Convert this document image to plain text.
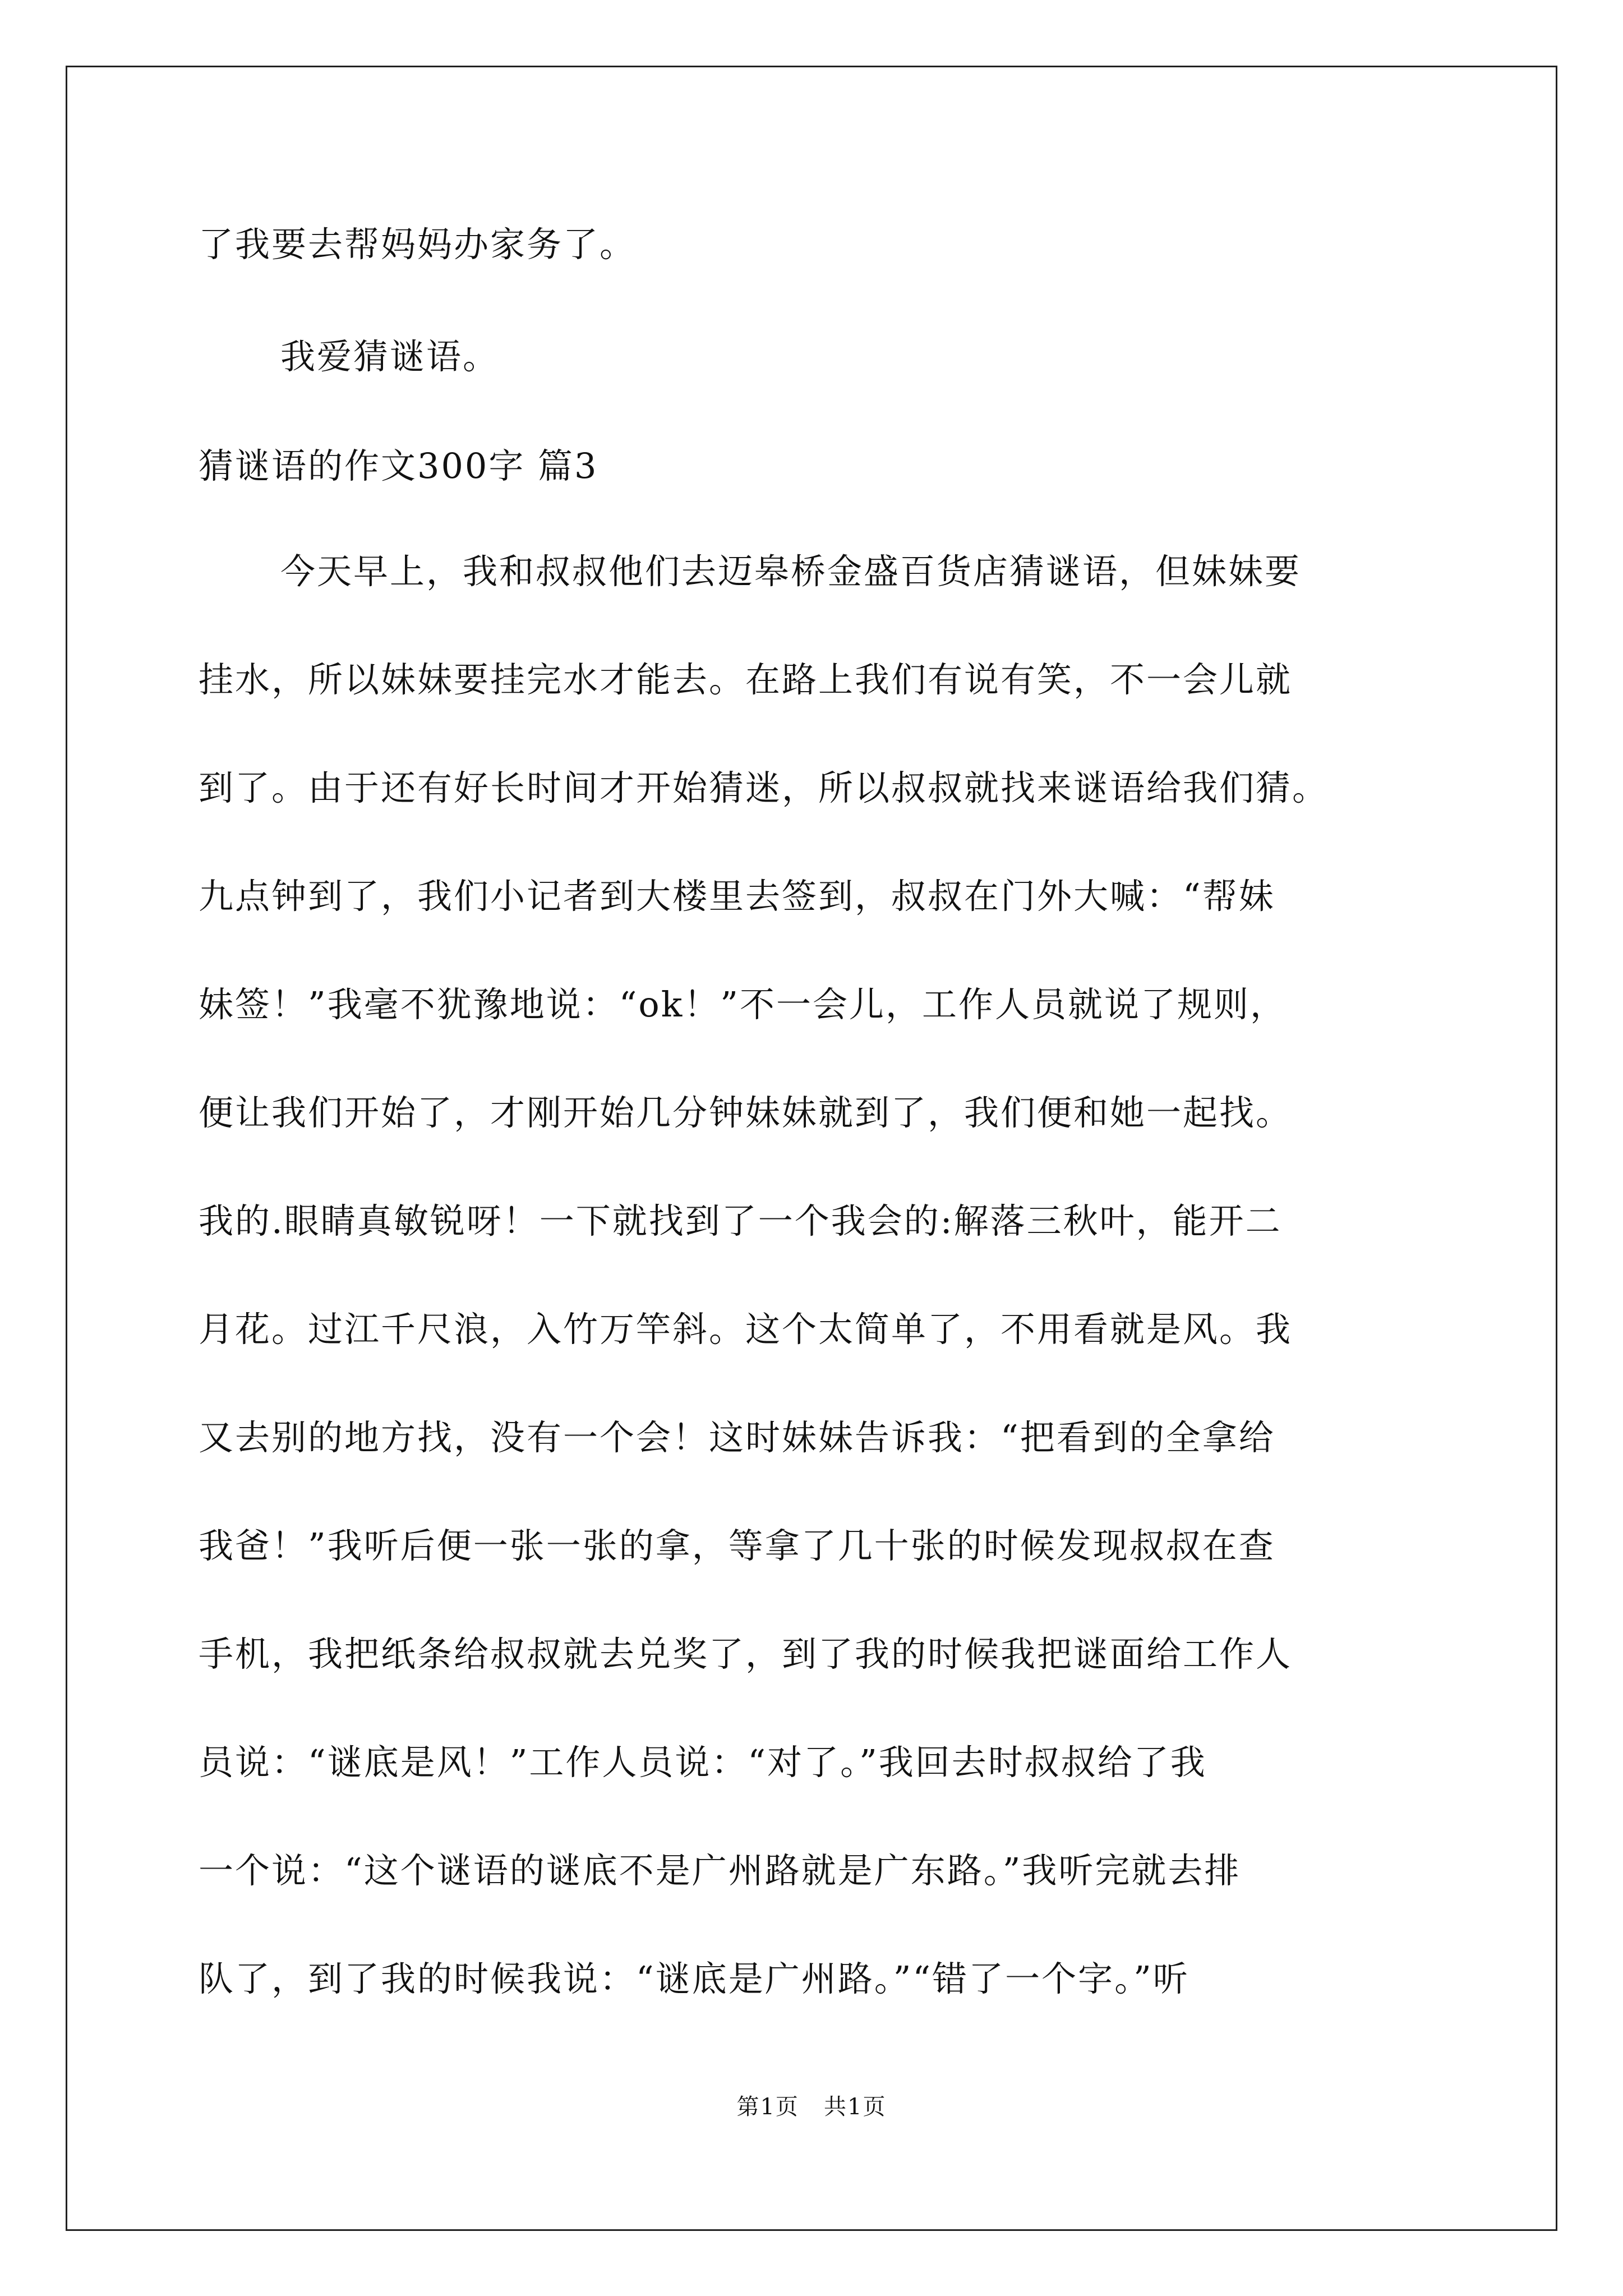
了我要去帮妈妈办家务了。
我爱猜谜语。
猜谜语的作文300字 篇3
今天早上，我和叔叔他们去迈皋桥金盛百货店猜谜语，但妹妹要
挂水，所以妹妹要挂完水才能去。在路上我们有说有笑，不一会儿就
到了。由于还有好长时间才开始猜迷，所以叔叔就找来谜语给我们猜。
九点钟到了，我们小记者到大楼里去签到，叔叔在门外大喊：“帮妹
妹签！”我毫不犹豫地说：“ok！”不一会儿，工作人员就说了规则，
便让我们开始了，才刚开始几分钟妹妹就到了，我们便和她一起找。
我的.眼睛真敏锐呀！一下就找到了一个我会的:解落三秋叶，能开二
月花。过江千尺浪，入竹万竿斜。这个太简单了，不用看就是风。我
又去别的地方找，没有一个会！这时妹妹告诉我：“把看到的全拿给
我爸！”我听后便一张一张的拿，等拿了几十张的时候发现叔叔在查
手机，我把纸条给叔叔就去兑奖了，到了我的时候我把谜面给工作人
员说：“谜底是风！”工作人员说：“对了。”我回去时叔叔给了我
一个说：“这个谜语的谜底不是广州路就是广东路。”我听完就去排
队了，到了我的时候我说：“谜底是广州路。”“错了一个字。”听
第1页   共1页
